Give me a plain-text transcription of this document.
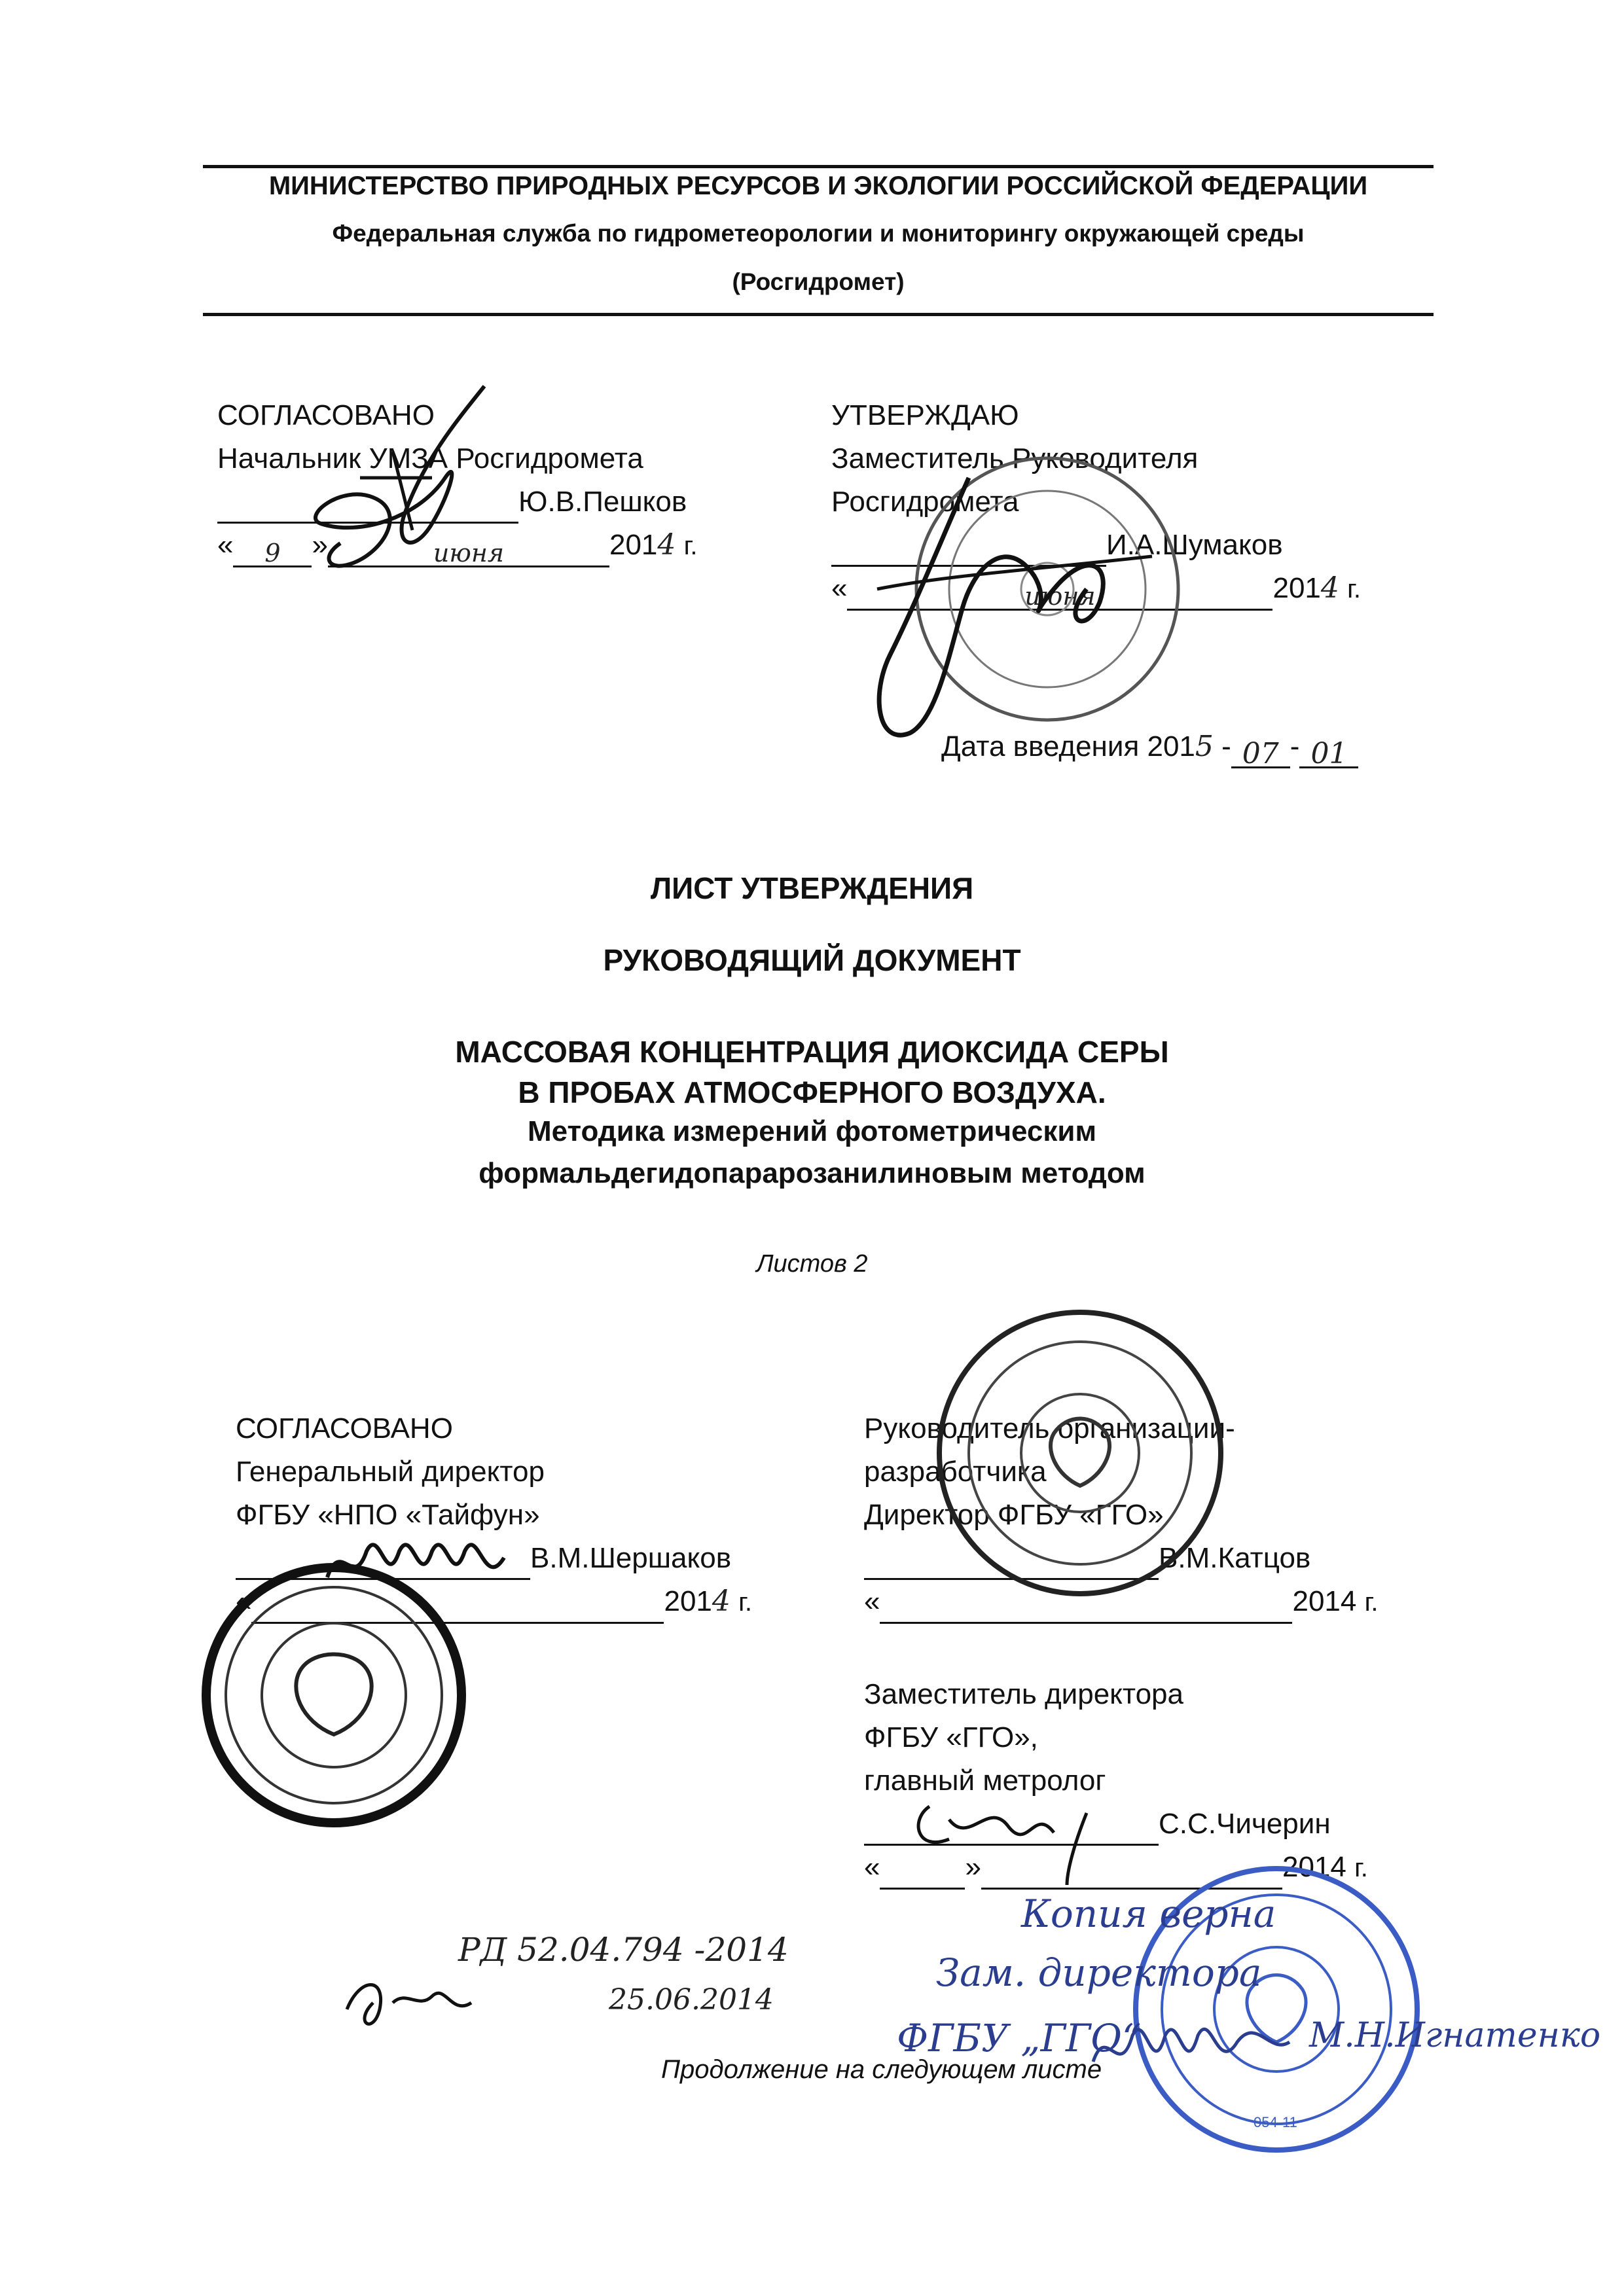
МИНИСТЕРСТВО ПРИРОДНЫХ РЕСУРСОВ И ЭКОЛОГИИ РОССИЙСКОЙ ФЕДЕРАЦИИ
Федеральная служба по гидрометеорологии и мониторингу окружающей среды
(Росгидромет)
СОГЛАСОВАНО
Начальник УМЗА Росгидромета
Ю.В.Пешков
« 9 »	июня	2014 г.
УТВЕРЖДАЮ
Заместитель Руководителя
Росгидромета
И.А.Шумаков
«	июня	2014 г.
Дата введения 2015 - 07 - 01
ЛИСТ УТВЕРЖДЕНИЯ
РУКОВОДЯЩИЙ ДОКУМЕНТ
МАССОВАЯ КОНЦЕНТРАЦИЯ ДИОКСИДА СЕРЫ
В ПРОБАХ АТМОСФЕРНОГО ВОЗДУХА.
Методика измерений фотометрическим
формальдегидопарарозанилиновым методом
Листов 2
СОГЛАСОВАНО
Генеральный директор
ФГБУ «НПО «Тайфун»
В.М.Шершаков
«	2014 г.
Руководитель организации-
разработчика
Директор ФГБУ «ГГО»
В.М.Катцов
«	2014 г.
Заместитель директора
ФГБУ «ГГО»,
главный метролог
С.С.Чичерин
«	»	2014 г.
РД 52.04.794 -2014
25.06.2014
054-11
Копия верна
Зам. директора
ФГБУ „ГГО“	М.Н.Игнатенко
Продолжение на следующем листе
